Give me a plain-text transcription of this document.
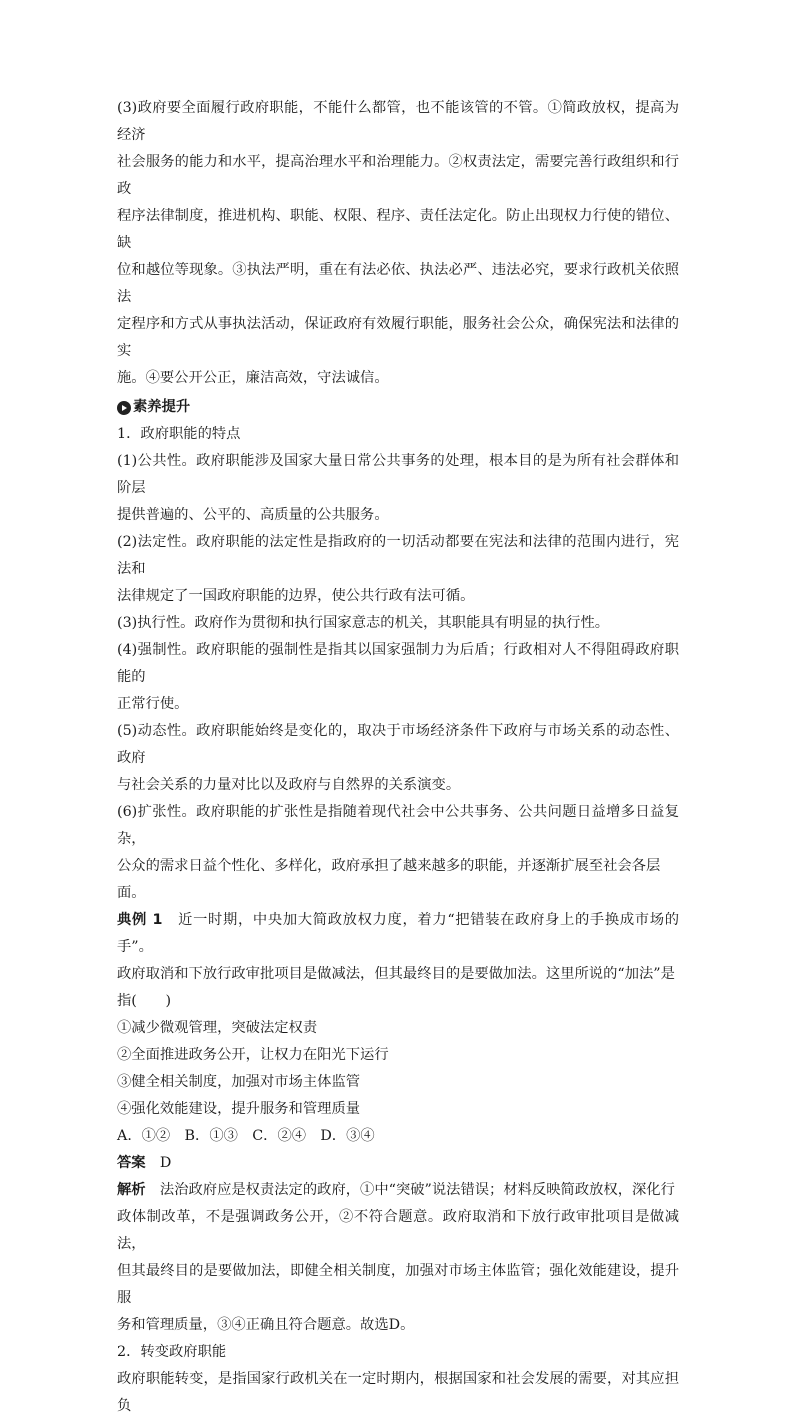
(3)政府要全面履行政府职能，不能什么都管，也不能该管的不管。①简政放权，提高为经济

社会服务的能力和水平，提高治理水平和治理能力。②权责法定，需要完善行政组织和行政

程序法律制度，推进机构、职能、权限、程序、责任法定化。防止出现权力行使的错位、缺

位和越位等现象。③执法严明，重在有法必依、执法必严、违法必究，要求行政机关依照法

定程序和方式从事执法活动，保证政府有效履行职能，服务社会公众，确保宪法和法律的实

施。④要公开公正，廉洁高效，守法诚信。

素养提升

1．政府职能的特点

(1)公共性。政府职能涉及国家大量日常公共事务的处理，根本目的是为所有社会群体和阶层

提供普遍的、公平的、高质量的公共服务。

(2)法定性。政府职能的法定性是指政府的一切活动都要在宪法和法律的范围内进行，宪法和

法律规定了一国政府职能的边界，使公共行政有法可循。

(3)执行性。政府作为贯彻和执行国家意志的机关，其职能具有明显的执行性。

(4)强制性。政府职能的强制性是指其以国家强制力为后盾；行政相对人不得阻碍政府职能的

正常行使。

(5)动态性。政府职能始终是变化的，取决于市场经济条件下政府与市场关系的动态性、政府

与社会关系的力量对比以及政府与自然界的关系演变。

(6)扩张性。政府职能的扩张性是指随着现代社会中公共事务、公共问题日益增多日益复杂，

公众的需求日益个性化、多样化，政府承担了越来越多的职能，并逐渐扩展至社会各层面。

典例 1　 近一时期，中央加大简政放权力度，着力“把错装在政府身上的手换成市场的手”。

政府取消和下放行政审批项目是做减法，但其最终目的是要做加法。这里所说的“加法”是

指(　　)

①减少微观管理，突破法定权责

②全面推进政务公开，让权力在阳光下运行

③健全相关制度，加强对市场主体监管

④强化效能建设，提升服务和管理质量

A．①②　B．①③　C．②④　D．③④

答案　 D

解析　 法治政府应是权责法定的政府，①中“突破”说法错误；材料反映简政放权，深化行

政体制改革，不是强调政务公开，②不符合题意。政府取消和下放行政审批项目是做减法，

但其最终目的是要做加法，即健全相关制度，加强对市场主体监管；强化效能建设，提升服

务和管理质量，③④正确且符合题意。故选D。

2．转变政府职能

政府职能转变，是指国家行政机关在一定时期内，根据国家和社会发展的需要，对其应担负
